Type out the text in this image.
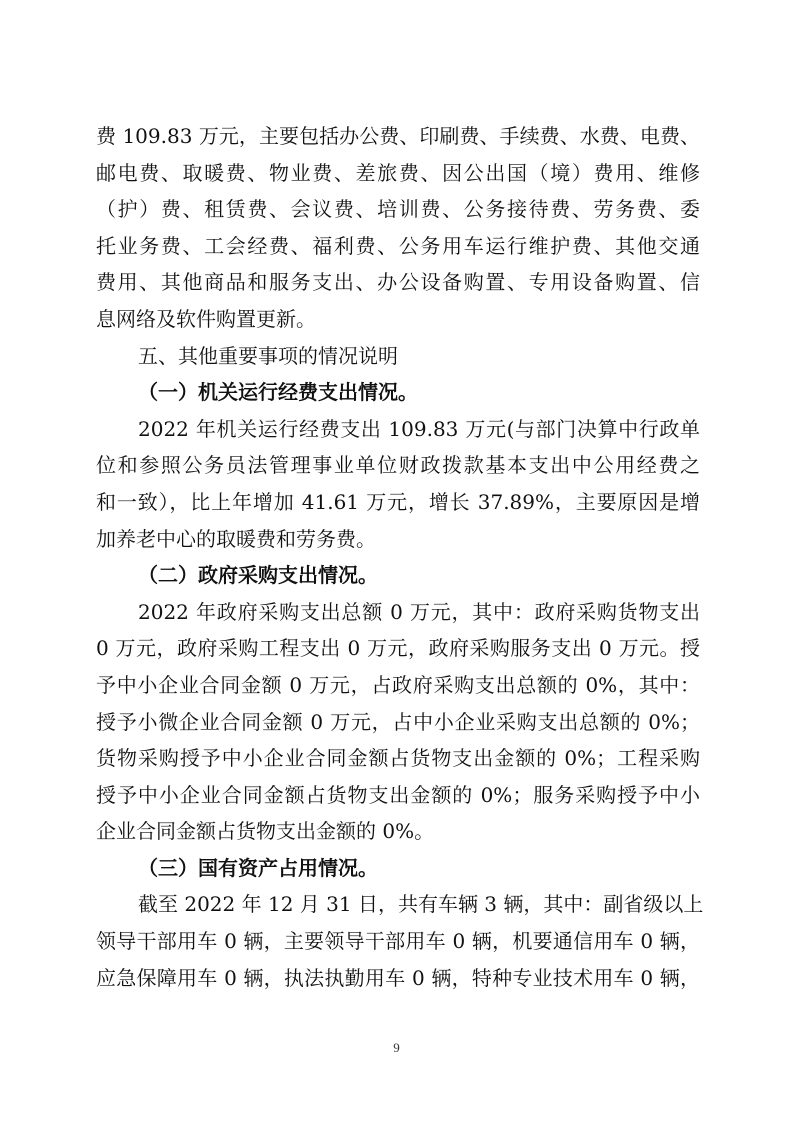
费 109.83 万元，主要包括办公费、印刷费、手续费、水费、电费、
邮电费、取暖费、物业费、差旅费、因公出国（境）费用、维修
（护）费、租赁费、会议费、培训费、公务接待费、劳务费、委
托业务费、工会经费、福利费、公务用车运行维护费、其他交通
费用、其他商品和服务支出、办公设备购置、专用设备购置、信
息网络及软件购置更新。
五、其他重要事项的情况说明
（一）机关运行经费支出情况。
2022 年机关运行经费支出 109.83 万元(与部门决算中行政单
位和参照公务员法管理事业单位财政拨款基本支出中公用经费之
和一致），比上年增加 41.61 万元，增长 37.89%，主要原因是增
加养老中心的取暖费和劳务费。
（二）政府采购支出情况。
2022 年政府采购支出总额 0 万元，其中：政府采购货物支出
0 万元，政府采购工程支出 0 万元，政府采购服务支出 0 万元。授
予中小企业合同金额 0 万元，占政府采购支出总额的 0%，其中：
授予小微企业合同金额 0 万元，占中小企业采购支出总额的 0%；
货物采购授予中小企业合同金额占货物支出金额的 0%；工程采购
授予中小企业合同金额占货物支出金额的 0%；服务采购授予中小
企业合同金额占货物支出金额的 0%。
（三）国有资产占用情况。
截至 2022 年 12 月 31 日，共有车辆 3 辆，其中：副省级以上
领导干部用车 0 辆，主要领导干部用车 0 辆，机要通信用车 0 辆，
应急保障用车 0 辆，执法执勤用车 0 辆，特种专业技术用车 0 辆，
9
